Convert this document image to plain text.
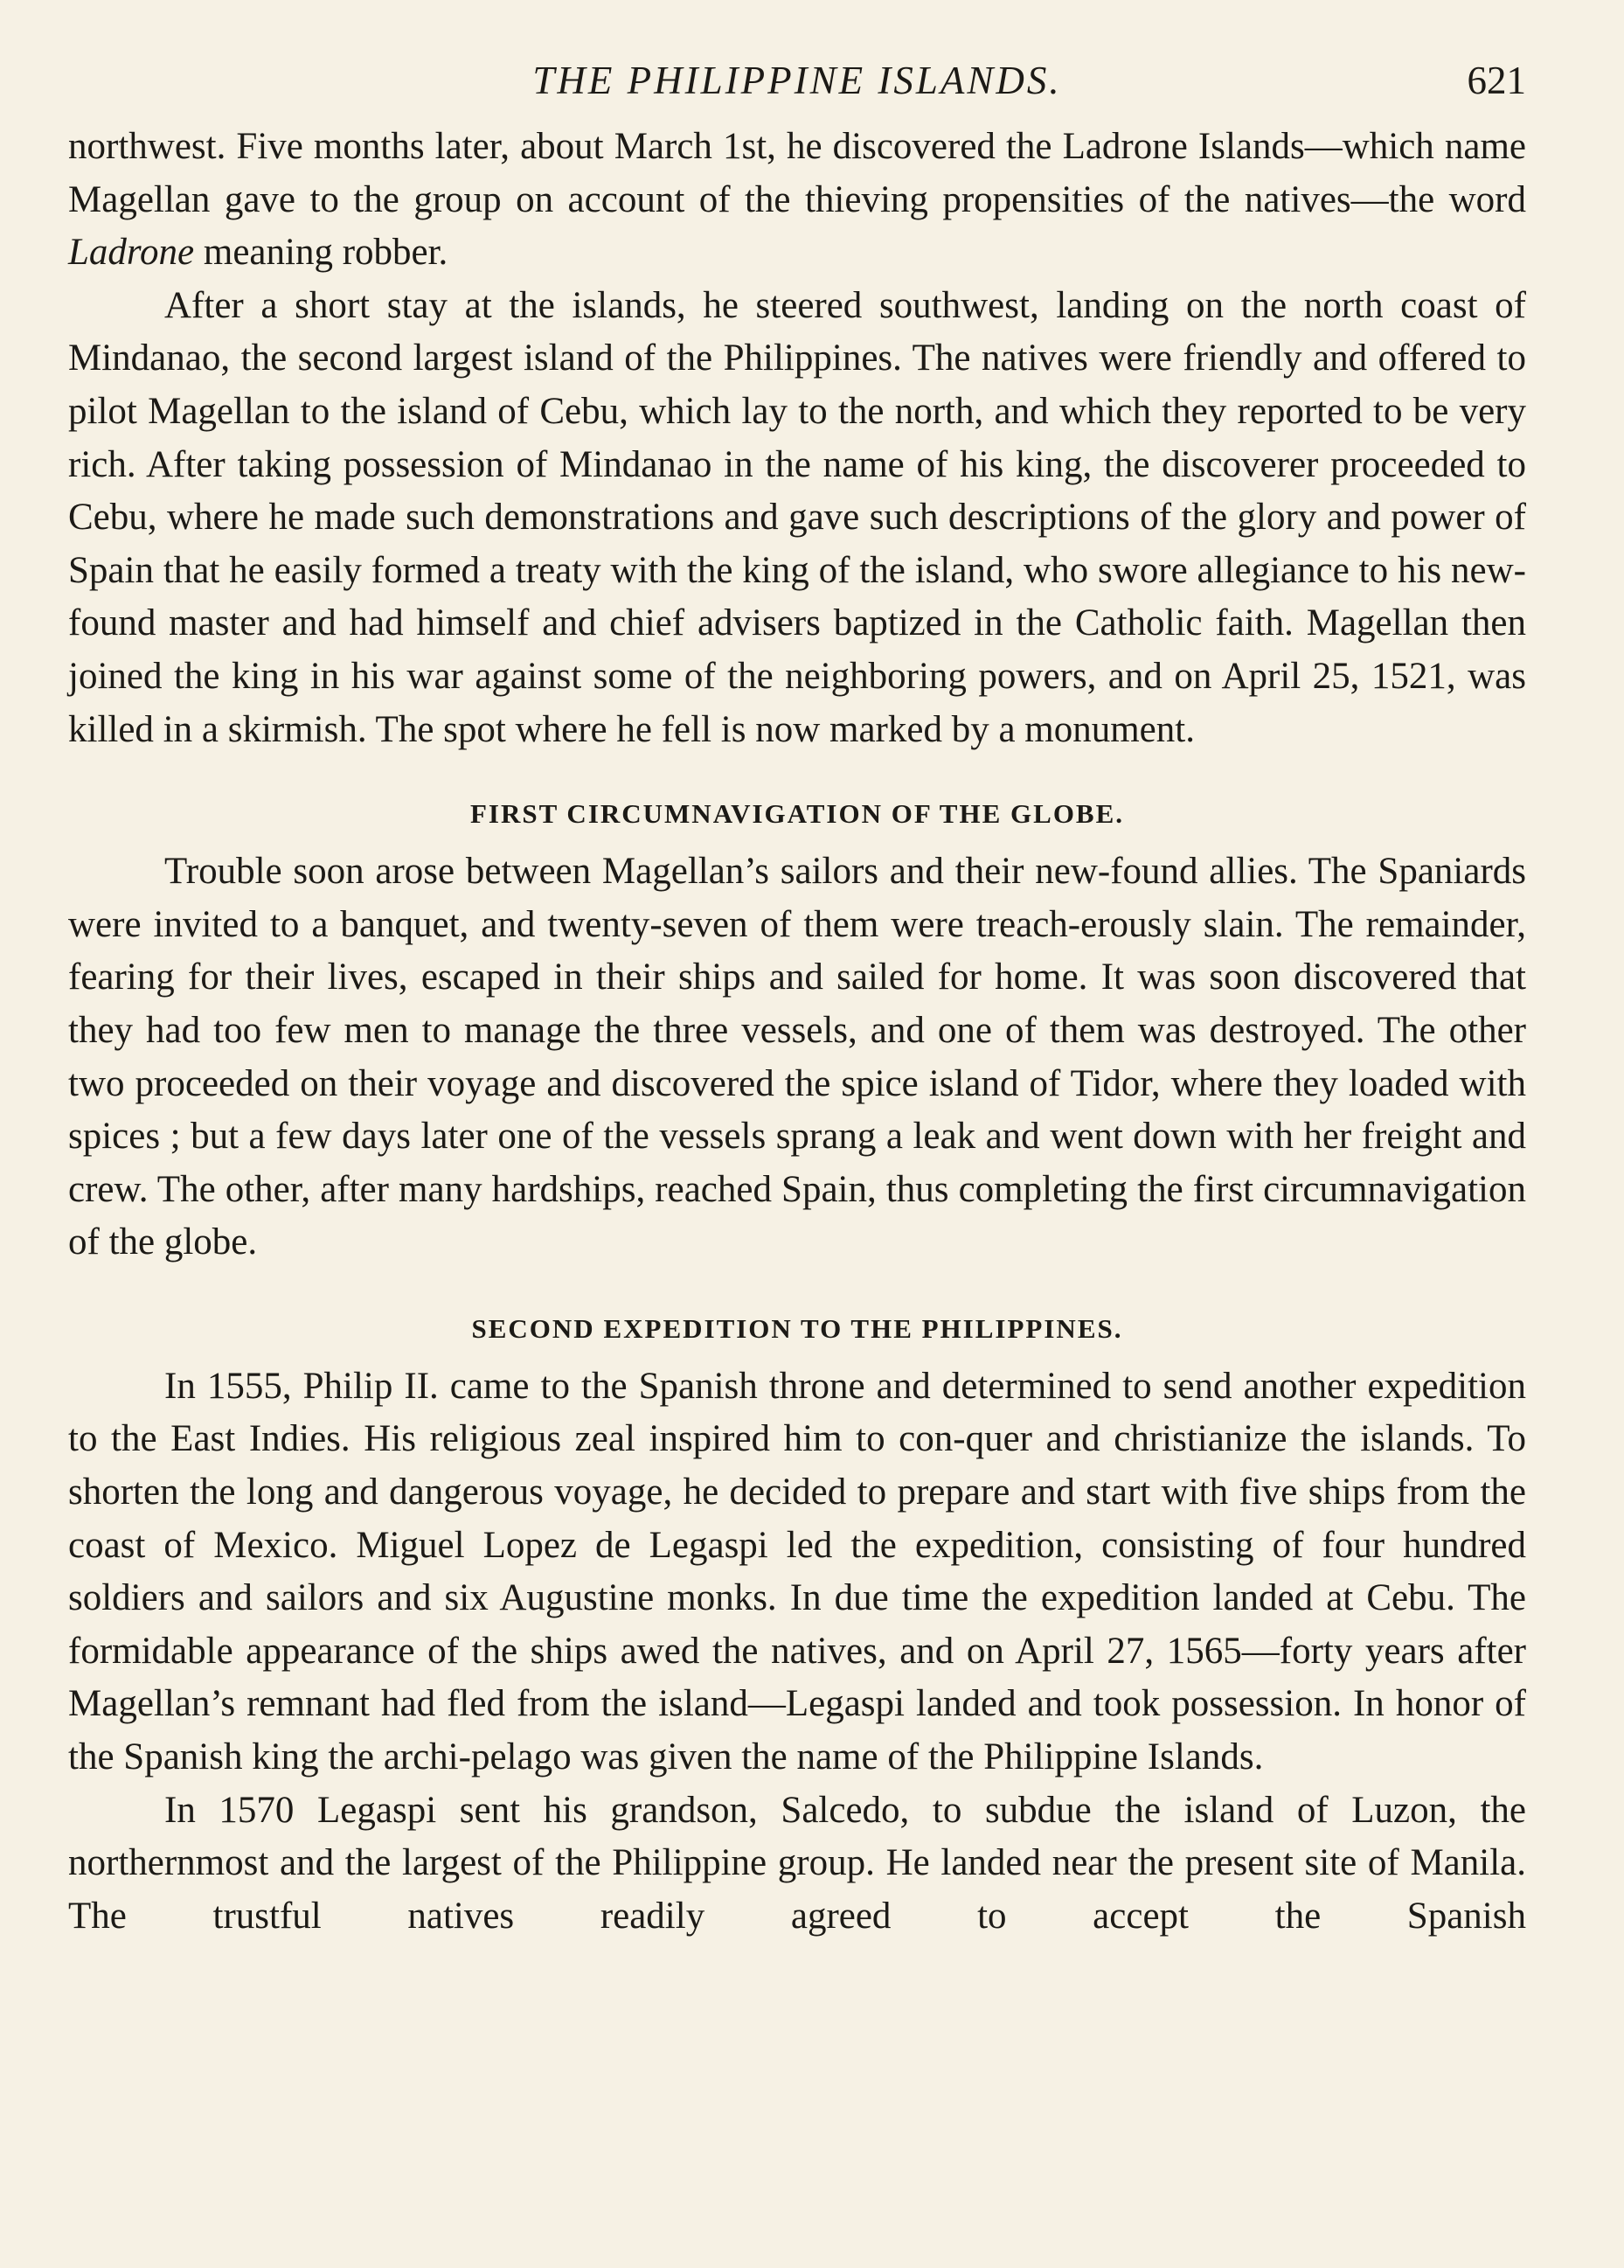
THE PHILIPPINE ISLANDS.	621

northwest. Five months later, about March 1st, he discovered the Ladrone Islands—which name Magellan gave to the group on account of the thieving propensities of the natives—the word Ladrone meaning robber.

After a short stay at the islands, he steered southwest, landing on the north coast of Mindanao, the second largest island of the Philippines. The natives were friendly and offered to pilot Magellan to the island of Cebu, which lay to the north, and which they reported to be very rich. After taking possession of Mindanao in the name of his king, the discoverer proceeded to Cebu, where he made such demonstrations and gave such descriptions of the glory and power of Spain that he easily formed a treaty with the king of the island, who swore allegiance to his new-found master and had himself and chief advisers baptized in the Catholic faith. Magellan then joined the king in his war against some of the neighboring powers, and on April 25, 1521, was killed in a skirmish. The spot where he fell is now marked by a monument.

FIRST CIRCUMNAVIGATION OF THE GLOBE.

Trouble soon arose between Magellan’s sailors and their new-found allies. The Spaniards were invited to a banquet, and twenty-seven of them were treach-erously slain. The remainder, fearing for their lives, escaped in their ships and sailed for home. It was soon discovered that they had too few men to manage the three vessels, and one of them was destroyed. The other two proceeded on their voyage and discovered the spice island of Tidor, where they loaded with spices ; but a few days later one of the vessels sprang a leak and went down with her freight and crew. The other, after many hardships, reached Spain, thus completing the first circumnavigation of the globe.

SECOND EXPEDITION TO THE PHILIPPINES.

In 1555, Philip II. came to the Spanish throne and determined to send another expedition to the East Indies. His religious zeal inspired him to con-quer and christianize the islands. To shorten the long and dangerous voyage, he decided to prepare and start with five ships from the coast of Mexico. Miguel Lopez de Legaspi led the expedition, consisting of four hundred soldiers and sailors and six Augustine monks. In due time the expedition landed at Cebu. The formidable appearance of the ships awed the natives, and on April 27, 1565—forty years after Magellan’s remnant had fled from the island—Legaspi landed and took possession. In honor of the Spanish king the archi-pelago was given the name of the Philippine Islands.

In 1570 Legaspi sent his grandson, Salcedo, to subdue the island of Luzon, the northernmost and the largest of the Philippine group. He landed near the present site of Manila. The trustful natives readily agreed to accept the Spanish
